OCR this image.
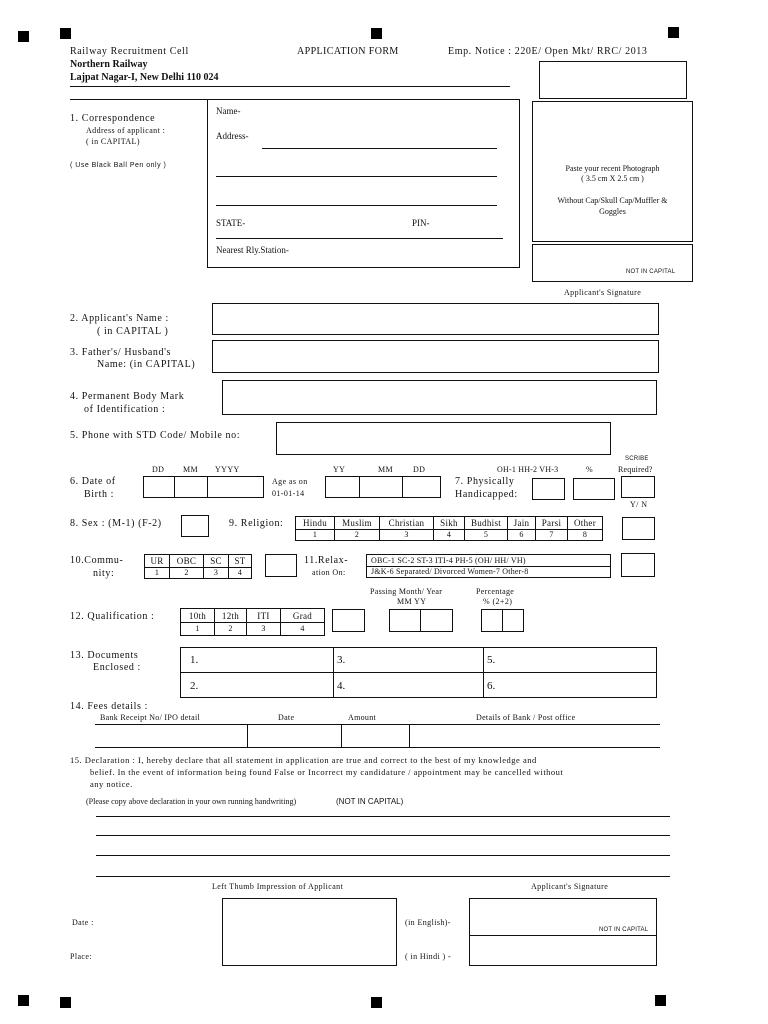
Railway Recruitment Cell	APPLICATION FORM	Emp. Notice : 220E/ Open Mkt/ RRC/ 2013
Northern Railway
Lajpat Nagar-I, New Delhi 110 024
Paste your recent Photograph
( 3.5 cm X 2.5 cm )
Without Cap/Skull Cap/Muffler &
Goggles
NOT IN CAPITAL
Applicant's Signature
1. Correspondence
Address of applicant :
( in CAPITAL)
( Use Black Ball Pen only )
Name-
Address-
STATE-	PIN-
Nearest Rly.Station-
2. Applicant's Name :
( in CAPITAL )
3. Father's/ Husband's
Name: (in CAPITAL)
4. Permanent Body Mark
of Identification :
5. Phone with STD Code/ Mobile no:
DD MM YYYY
6. Date of
Birth :
Age as on
01-01-14
YY	MM DD	OH-1 HH-2 VH-3	%
SCRIBE
Required?
7. Physically
Handicapped:
Y/ N
8. Sex : (M-1) (F-2)	9. Religion: Hindu	Muslim	Christian	Sikh	Budhist	Jain	Parsi	Other
1	2	3	4	5	6	7	8
10.Commu-
nity:
UR	OBC	SC	ST
1	2	3	4
11.Relax-
ation On:
OBC-1 SC-2 ST-3 ITI-4 PH-5 (OH/ HH/ VH)
J&K-6 Separated/ Divorced Women-7 Other-8
Passing Month/ Year
MM YY
Percentage
% (2+2)
12. Qualification :	10th	12th	ITI	Grad
1	2	3	4
13. Documents
Enclosed :
1.	3.	5.
2.	4.	6.
14. Fees details :
Bank Receipt No/ IPO detail	Date	Amount	Details of Bank / Post office
15. Declaration : I, hereby declare that all statement in application are true and correct to the best of my knowledge and
belief. In the event of information being found False or Incorrect my candidature / appointment may be cancelled without
any notice.
(Please copy above declaration in your own running handwriting)	(NOT IN CAPITAL)
Left Thumb Impression of Applicant	Applicant's Signature
Date :
Place:
(in English)-
( in Hindi ) -
NOT IN CAPITAL
